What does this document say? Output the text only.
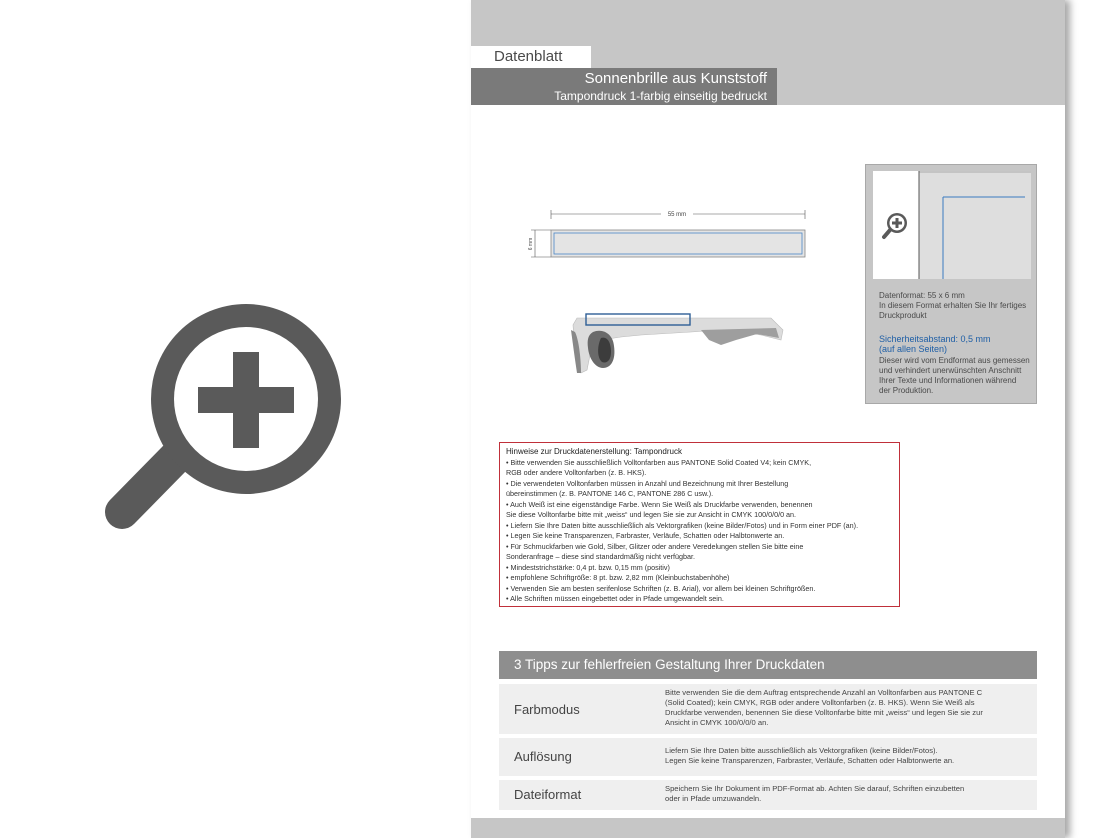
Datenblatt
Sonnenbrille aus Kunststoff
Tampondruck 1-farbig einseitig bedruckt
55 mm
6 mm
Datenformat: 55 x 6 mm
In diesem Format erhalten Sie Ihr fertiges
Druckprodukt
Sicherheitsabstand: 0,5 mm
(auf allen Seiten)
Dieser wird vom Endformat aus gemessen
und verhindert unerwünschten Anschnitt
Ihrer Texte und Informationen während
der Produktion.
Hinweise zur Druckdatenerstellung: Tampondruck
• Bitte verwenden Sie ausschließlich Volltonfarben aus PANTONE Solid Coated V4; kein CMYK,
RGB oder andere Volltonfarben (z. B. HKS).
• Die verwendeten Volltonfarben müssen in Anzahl und Bezeichnung mit Ihrer Bestellung
übereinstimmen (z. B. PANTONE 146 C, PANTONE 286 C usw.).
• Auch Weiß ist eine eigenständige Farbe. Wenn Sie Weiß als Druckfarbe verwenden, benennen
Sie diese Volltonfarbe bitte mit „weiss“ und legen Sie sie zur Ansicht in CMYK 100/0/0/0 an.
• Liefern Sie Ihre Daten bitte ausschließlich als Vektorgrafiken (keine Bilder/Fotos) und in Form einer PDF (an).
• Legen Sie keine Transparenzen, Farbraster, Verläufe, Schatten oder Halbtonwerte an.
• Für Schmuckfarben wie Gold, Silber, Glitzer oder andere Veredelungen stellen Sie bitte eine
Sonderanfrage – diese sind standardmäßig nicht verfügbar.
• Mindeststrichstärke: 0,4 pt. bzw. 0,15 mm (positiv)
• empfohlene Schriftgröße: 8 pt. bzw. 2,82 mm (Kleinbuchstabenhöhe)
• Verwenden Sie am besten serifenlose Schriften (z. B. Arial), vor allem bei kleinen Schriftgrößen.
• Alle Schriften müssen eingebettet oder in Pfade umgewandelt sein.
3 Tipps zur fehlerfreien Gestaltung Ihrer Druckdaten
Farbmodus
Bitte verwenden Sie die dem Auftrag entsprechende Anzahl an Volltonfarben aus PANTONE C
(Solid Coated); kein CMYK, RGB oder andere Volltonfarben (z. B. HKS). Wenn Sie Weiß als
Druckfarbe verwenden, benennen Sie diese Volltonfarbe bitte mit „weiss“ und legen Sie sie zur
Ansicht in CMYK 100/0/0/0 an.
Auflösung	Liefern Sie Ihre Daten bitte ausschließlich als Vektorgrafiken (keine Bilder/Fotos).
Legen Sie keine Transparenzen, Farbraster, Verläufe, Schatten oder Halbtonwerte an.
Dateiformat	Speichern Sie Ihr Dokument im PDF-Format ab. Achten Sie darauf, Schriften einzubetten
oder in Pfade umzuwandeln.
